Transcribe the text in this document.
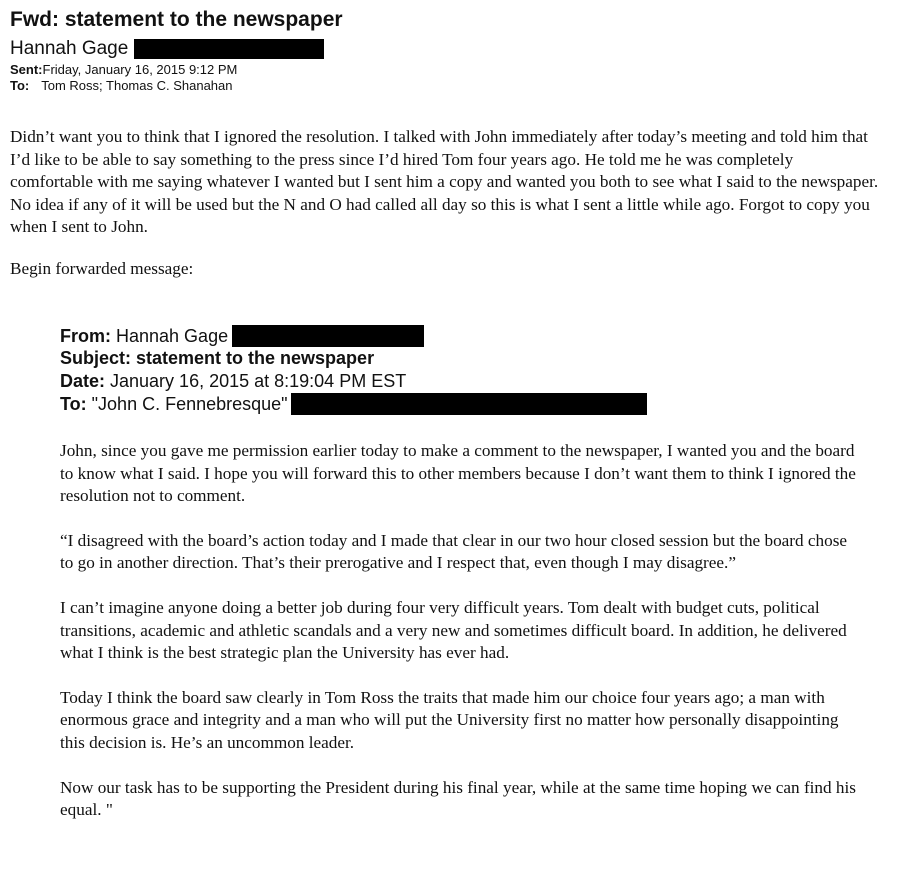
Fwd: statement to the newspaper
Hannah Gage
Sent:Friday, January 16, 2015 9:12 PM
To: Tom Ross; Thomas C. Shanahan

Didn’t want you to think that I ignored the resolution. I talked with John immediately after today’s meeting and told him that I’d like to be able to say something to the press since I’d hired Tom four years ago. He told me he was completely comfortable with me saying whatever I wanted but I sent him a copy and wanted you both to see what I said to the newspaper. No idea if any of it will be used but the N and O had called all day so this is what I sent a little while ago. Forgot to copy you when I sent to John.

Begin forwarded message:
From: Hannah Gage
Subject: statement to the newspaper
Date: January 16, 2015 at 8:19:04 PM EST
To: "John C. Fennebresque"

John, since you gave me permission earlier today to make a comment to the newspaper, I wanted you and the board to know what I said. I hope you will forward this to other members because I don’t want them to think I ignored the resolution not to comment.

“I disagreed with the board’s action today and I made that clear in our two hour closed session but the board chose to go in another direction. That’s their prerogative and I respect that, even though I may disagree.”

I can’t imagine anyone doing a better job during four very difficult years. Tom dealt with budget cuts, political transitions, academic and athletic scandals and a very new and sometimes difficult board. In addition, he delivered what I think is the best strategic plan the University has ever had.

Today I think the board saw clearly in Tom Ross the traits that made him our choice four years ago; a man with enormous grace and integrity and a man who will put the University first no matter how personally disappointing this decision is. He’s an uncommon leader.

Now our task has to be supporting the President during his final year, while at the same time hoping we can find his equal. "
